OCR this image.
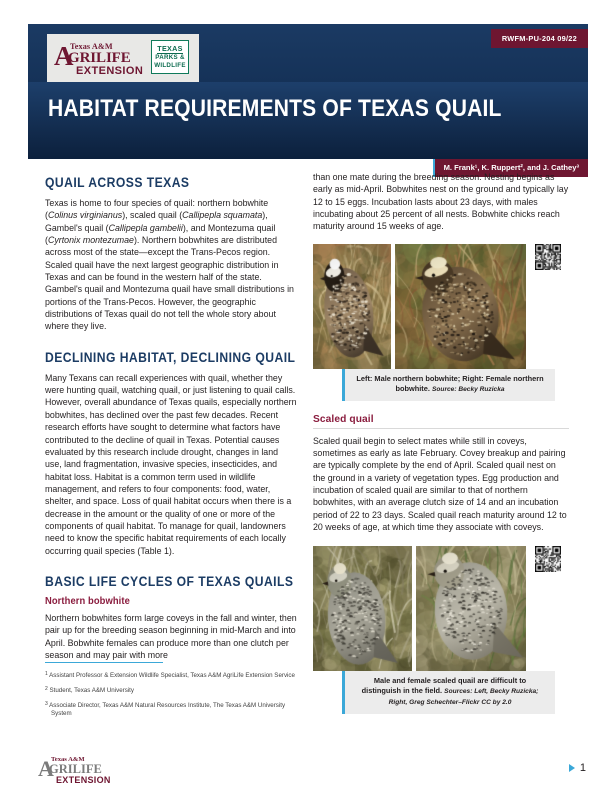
A
Texas A&M
GRILIFE
EXTENSION
TEXAS
PARKS &
WILDLIFE
RWFM-PU-204 09/22
HABITAT REQUIREMENTS OF TEXAS QUAIL
M. Frank¹, K. Ruppert², and J. Cathey³
QUAIL ACROSS TEXAS

Texas is home to four species of quail: northern bobwhite (Colinus virginianus), scaled quail (Callipepla squamata), Gambel's quail (Callipepla gambelii), and Montezuma quail (Cyrtonix montezumae). Northern bobwhites are distributed across most of the state—except the Trans-Pecos region. Scaled quail have the next largest geographic distribution in Texas and can be found in the western half of the state. Gambel's quail and Montezuma quail have small distributions in portions of the Trans-Pecos. However, the geographic distributions of Texas quail do not tell the whole story about where they live.

DECLINING HABITAT, DECLINING QUAIL

Many Texans can recall experiences with quail, whether they were hunting quail, watching quail, or just listening to quail calls. However, overall abundance of Texas quails, especially northern bobwhites, has declined over the past few decades. Recent research efforts have sought to determine what factors have contributed to the decline of quail in Texas. Potential causes evaluated by this research include drought, changes in land use, land fragmentation, invasive species, insecticides, and habitat loss. Habitat is a common term used in wildlife management, and refers to four components: food, water, shelter, and space. Loss of quail habitat occurs when there is a decrease in the amount or the quality of one or more of the components of quail habitat. To manage for quail, landowners need to know the specific habitat requirements of each locally occurring quail species (Table 1).

BASIC LIFE CYCLES OF TEXAS QUAILS
Northern bobwhite

Northern bobwhites form large coveys in the fall and winter, then pair up for the breeding season beginning in mid-March and into April. Bobwhite females can produce more than one clutch per season and may pair with more

$^1$ Assistant Professor & Extension Wildlife Specialist, Texas A&M AgriLife Extension Service
$^2$ Student, Texas A&M University
$^3$ Associate Director, Texas A&M Natural Resources Institute, The Texas A&M University System

than one mate during the breeding season. Nesting begins as early as mid-April. Bobwhites nest on the ground and typically lay 12 to 15 eggs. Incubation lasts about 23 days, with males incubating about 25 percent of all nests. Bobwhite chicks reach maturity around 15 weeks of age.

Left: Male northern bobwhite; Right: Female northern bobwhite. Source: Becky Ruzicka
Scaled quail

Scaled quail begin to select mates while still in coveys, sometimes as early as late February. Covey breakup and pairing are typically complete by the end of April. Scaled quail nest on the ground in a variety of vegetation types. Egg production and incubation of scaled quail are similar to that of northern bobwhites, with an average clutch size of 14 and an incubation period of 22 to 23 days. Scaled quail reach maturity around 12 to 20 weeks of age, at which time they associate with coveys.

Male and female scaled quail are difficult to distinguish in the field. Sources: Left, Becky Ruzicka; Right, Greg Schechter–Flickr CC by 2.0
A
Texas A&M
GRILIFE
EXTENSION
1
